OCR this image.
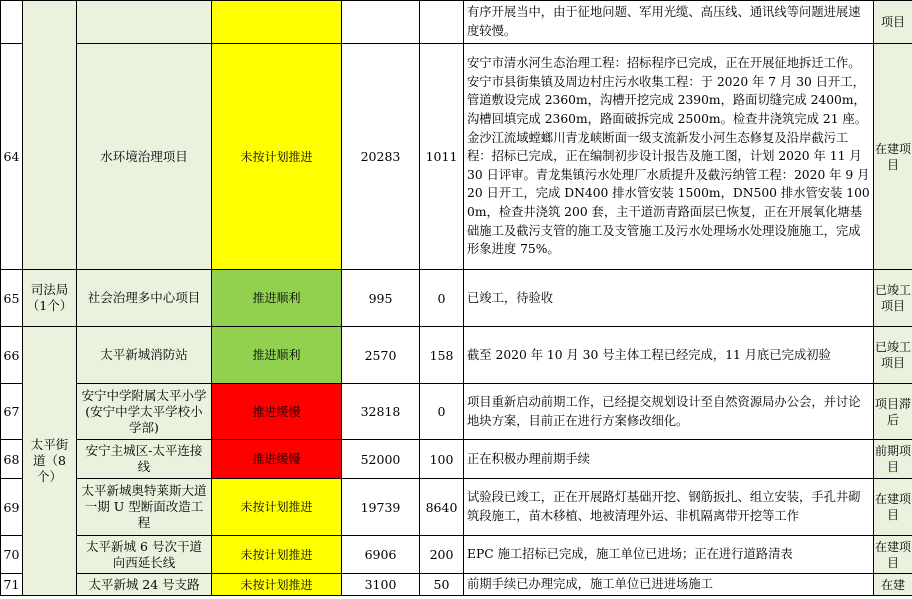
						有序开展当中，由于征地问题、军用光缆、高压线、通讯线等问题进展速度较慢。	项目
64		水环境治理项目	未按计划推进	20283	1011	安宁市清水河生态治理工程：招标程序已完成，正在开展征地拆迁工作。安宁市县街集镇及周边村庄污水收集工程：于 2020 年 7 月 30 日开工，管道敷设完成 2360m，沟槽开挖完成 2390m，路面切缝完成 2400m，沟槽回填完成 2360m，路面破拆完成 2500m。检查井浇筑完成 21 座。金沙江流域螳螂川青龙峡断面一级支流新发小河生态修复及沿岸截污工程：招标已完成，正在编制初步设计报告及施工图，计划 2020 年 11 月 30 日评审。青龙集镇污水处理厂水质提升及截污纳管工程：2020 年 9 月 20 日开工，完成 DN400 排水管安装 1500m，DN500 排水管安装 1000m，检查井浇筑 200 套，主干道沥青路面层已恢复，正在开展氧化塘基础施工及截污支管的施工及支管施工及污水处理场水处理设施施工，完成形象进度 75%。	在建项目
65	司法局（1个）	社会治理多中心项目	推进顺利	995	0	已竣工，待验收	已竣工项目
66	太平街道（8个）	太平新城消防站	推进顺利	2570	158	截至 2020 年 10 月 30 号主体工程已经完成，11 月底已完成初验	已竣工项目
67		安宁中学附属太平小学(安宁中学太平学校小学部)	推进缓慢	32818	0	项目重新启动前期工作，已经提交规划设计至自然资源局办公会，并讨论地块方案，目前正在进行方案修改细化。	项目滞后
68		安宁主城区-太平连接线	推进缓慢	52000	100	正在积极办理前期手续	前期项目
69		太平新城奥特莱斯大道一期 U 型断面改造工程	未按计划推进	19739	8640	试验段已竣工，正在开展路灯基础开挖、钢筋扳扎、组立安装，手孔井砌筑段施工，苗木移植、地被清理外运、非机隔离带开挖等工作	在建项目
70		太平新城 6 号次干道向西延长线	未按计划推进	6906	200	EPC 施工招标已完成，施工单位已进场；正在进行道路清表	在建项目
71		太平新城 24 号支路	未按计划推进	3100	50	前期手续已办理完成，施工单位已进进场施工	在建
